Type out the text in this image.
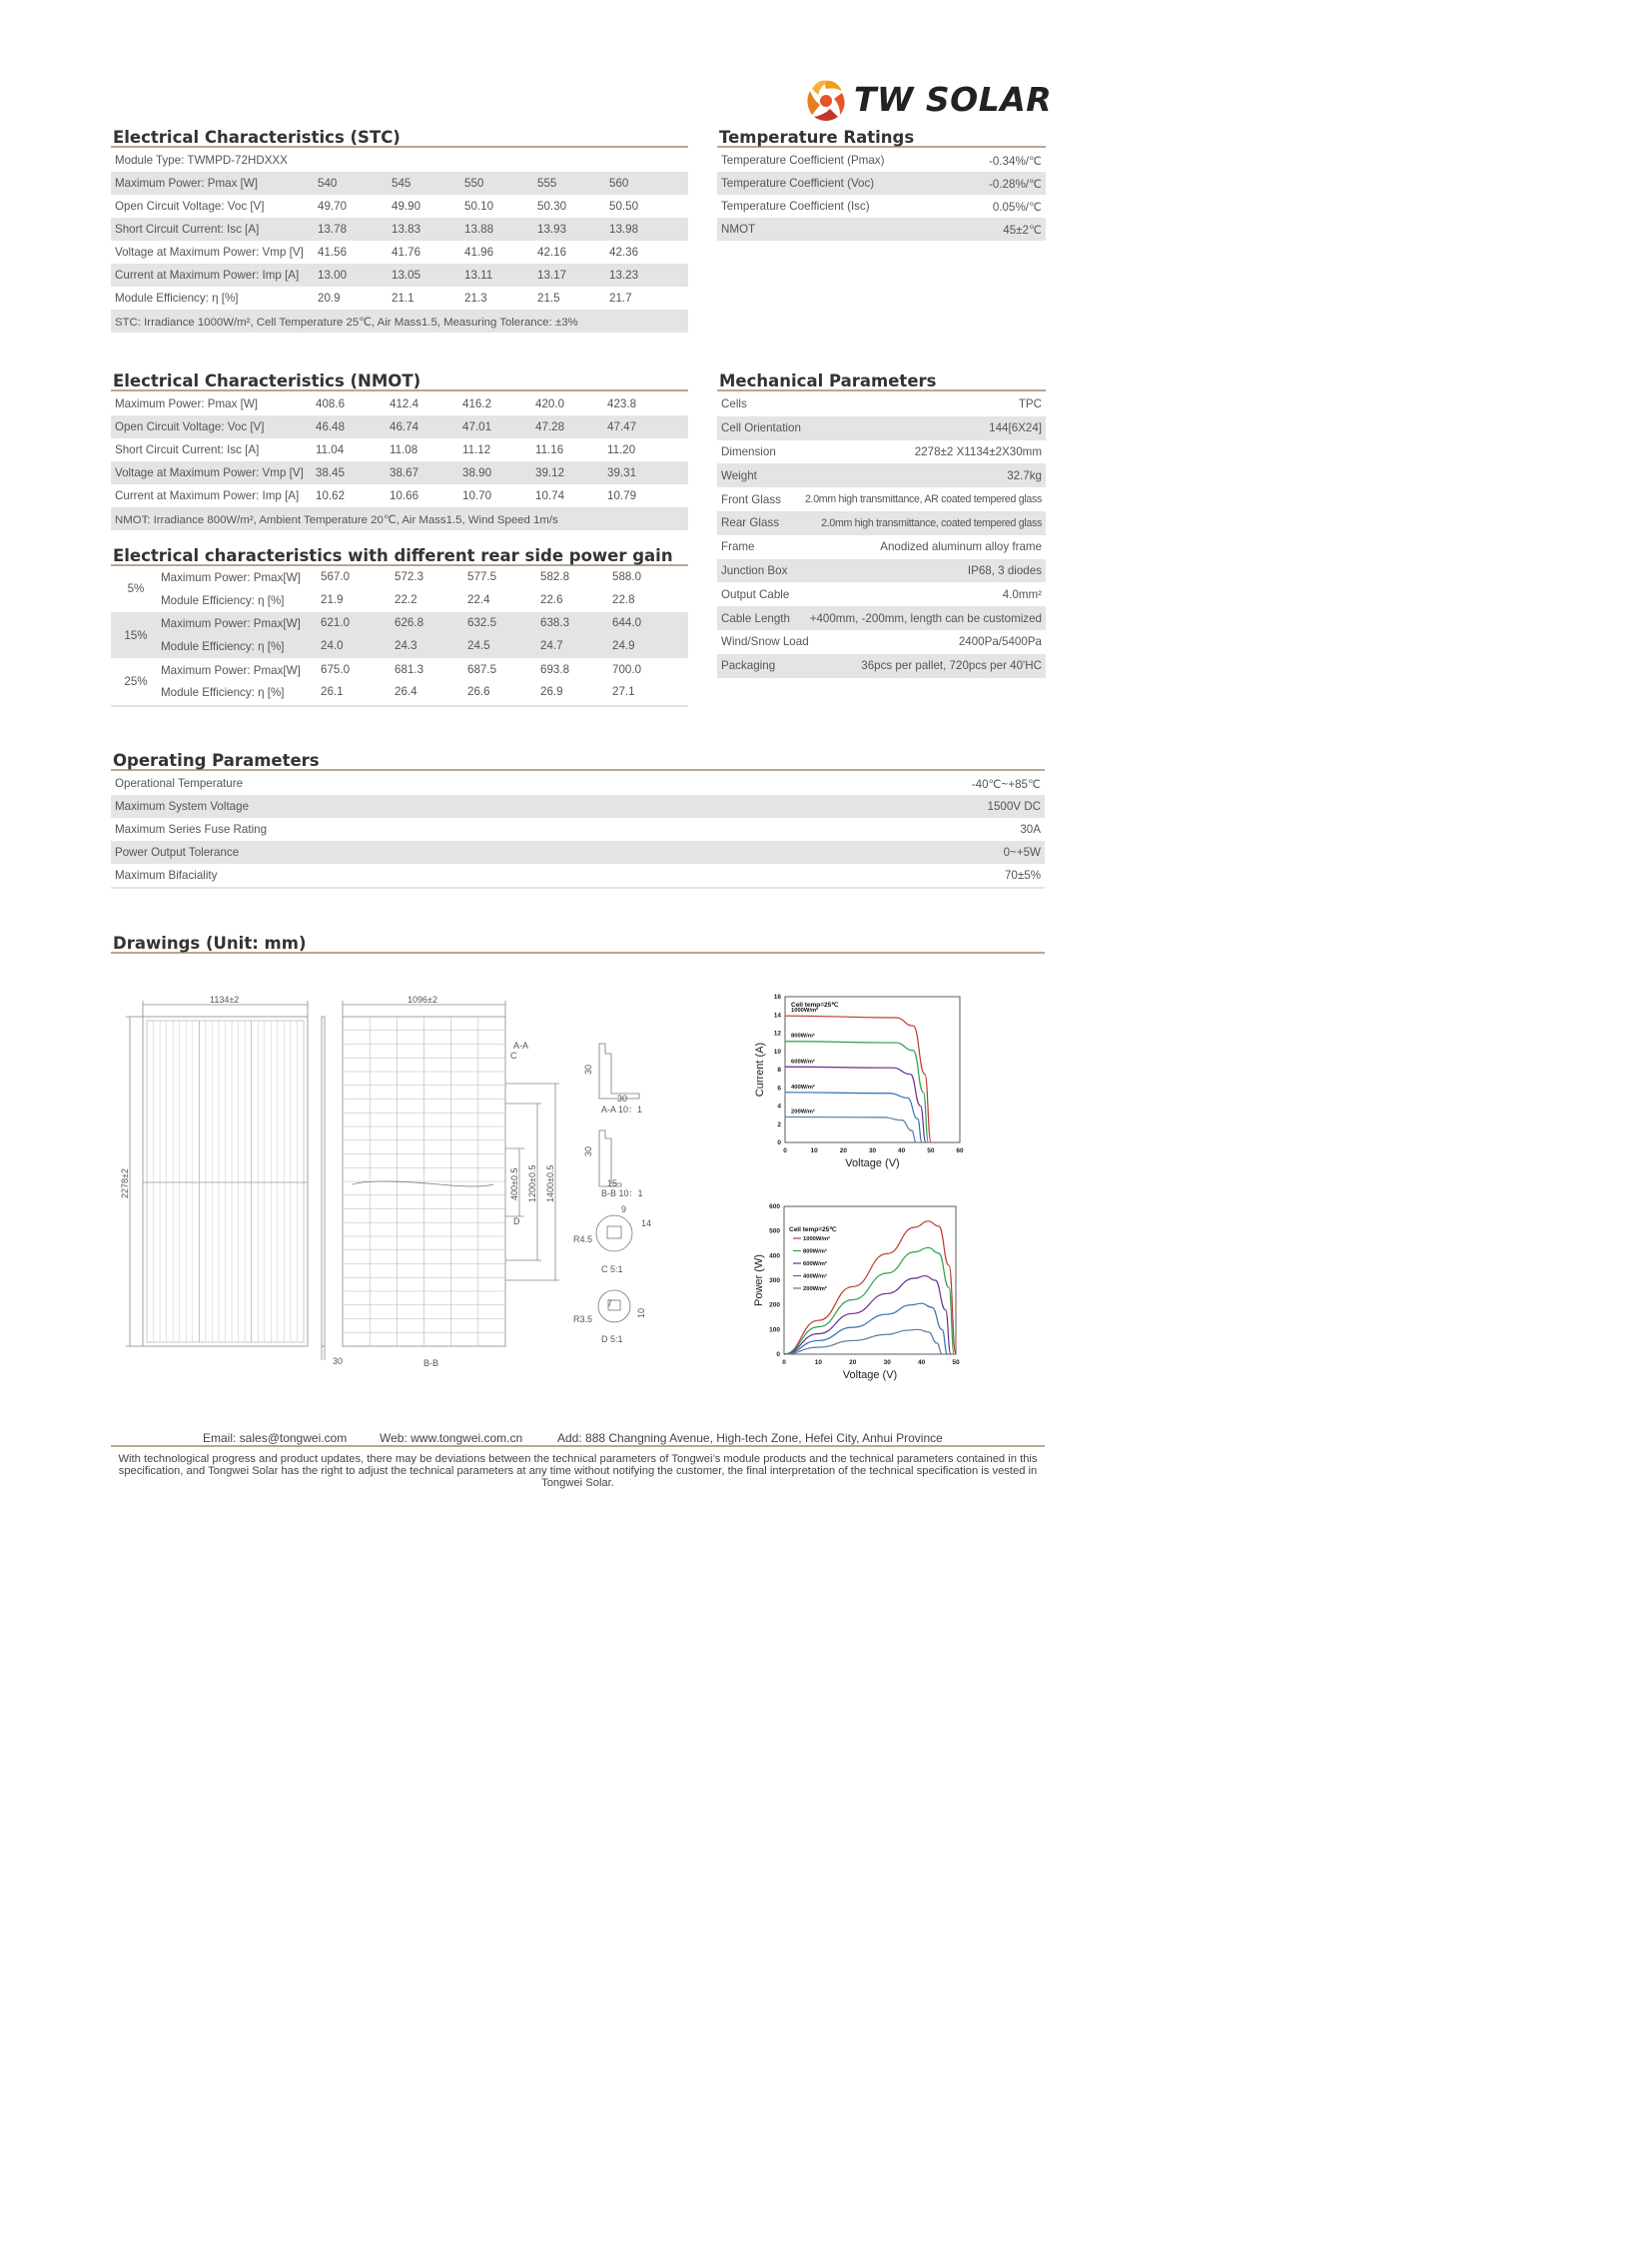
TW SOLAR
Electrical Characteristics (STC)
Module Type: TWMPD-72HDXXX
Maximum Power: Pmax [W]	540	545	550	555	560
Open Circuit Voltage: Voc [V]	49.70	49.90	50.10	50.30	50.50
Short Circuit Current: Isc [A]	13.78	13.83	13.88	13.93	13.98
Voltage at Maximum Power: Vmp [V] 41.56	41.76	41.96	42.16	42.36
Current at Maximum Power: Imp [A] 13.00	13.05	13.11	13.17	13.23
Module Efficiency: η [%]	20.9	21.1	21.3	21.5	21.7
STC: Irradiance 1000W/m², Cell Temperature 25℃, Air Mass1.5, Measuring Tolerance: ±3%
Temperature Ratings
Temperature Coefficient (Pmax)	-0.34%/℃
Temperature Coefficient (Voc)	-0.28%/℃
Temperature Coefficient (Isc)	0.05%/℃
NMOT	45±2℃
Electrical Characteristics (NMOT)
Maximum Power: Pmax [W]	408.6	412.4	416.2	420.0	423.8
Open Circuit Voltage: Voc [V]	46.48	46.74	47.01	47.28	47.47
Short Circuit Current: Isc [A]	11.04	11.08	11.12	11.16	11.20
Voltage at Maximum Power: Vmp [V] 38.45	38.67	38.90	39.12	39.31
Current at Maximum Power: Imp [A] 10.62	10.66	10.70	10.74	10.79
NMOT: Irradiance 800W/m², Ambient Temperature 20℃, Air Mass1.5, Wind Speed 1m/s
Mechanical Parameters
Cells	TPC
Cell Orientation	144[6X24]
Dimension	2278±2 X1134±2X30mm
Weight	32.7kg
Front Glass	2.0mm high transmittance, AR coated tempered glass
Rear Glass	2.0mm high transmittance, coated tempered glass
Frame	Anodized aluminum alloy frame
Junction Box	IP68, 3 diodes
Output Cable	4.0mm²
Cable Length	+400mm, -200mm, length can be customized
Wind/Snow Load	2400Pa/5400Pa
Packaging	36pcs per pallet, 720pcs per 40'HC
Electrical characteristics with different rear side power gain
5%
Maximum Power: Pmax[W] 567.0	572.3	577.5	582.8	588.0
Module Efficiency: η [%]	21.9	22.2	22.4	22.6	22.8
15%
Maximum Power: Pmax[W] 621.0	626.8	632.5	638.3	644.0
Module Efficiency: η [%]	24.0	24.3	24.5	24.7	24.9
25%
Maximum Power: Pmax[W] 675.0	681.3	687.5	693.8	700.0
Module Efficiency: η [%]	26.1	26.4	26.6	26.9	27.1
Operating Parameters
Operational Temperature	-40℃~+85℃
Maximum System Voltage	1500V DC
Maximum Series Fuse Rating	30A
Power Output Tolerance	0~+5W
Maximum Bifaciality	70±5%
Drawings (Unit: mm)
1134±2	1096±2
2278±2	400±0.5 1200±0.5 1400±0.5
30	B-B
A-A
C
D
30
30
A-A 10：1
30
15
B-B 10：1
9
14
R4.5
C 5:1
7
10
R3.5
D 5:1
0	10	20	30	40	50	60
0
2
4
6
8
10
12
14
16
Voltage (V)
Current (A)
Cell temp=25℃
1000W/m²
800W/m²
600W/m²
400W/m²
200W/m²
0	10	20	30	40	50
0
100
200
300
400
500
600
Voltage (V)
Power (W)
Cell temp=25℃
1000W/m²
800W/m²
600W/m²
400W/m²
200W/m²
Email: sales@tongwei.com	Web: www.tongwei.com.cn	Add: 888 Changning Avenue, High-tech Zone, Hefei City, Anhui Province
With technological progress and product updates, there may be deviations between the technical parameters of Tongwei’s module products and the technical parameters contained in this specification, and Tongwei Solar has the right to adjust the technical parameters at any time without notifying the customer, the final interpretation of the technical specification is vested in Tongwei Solar.
